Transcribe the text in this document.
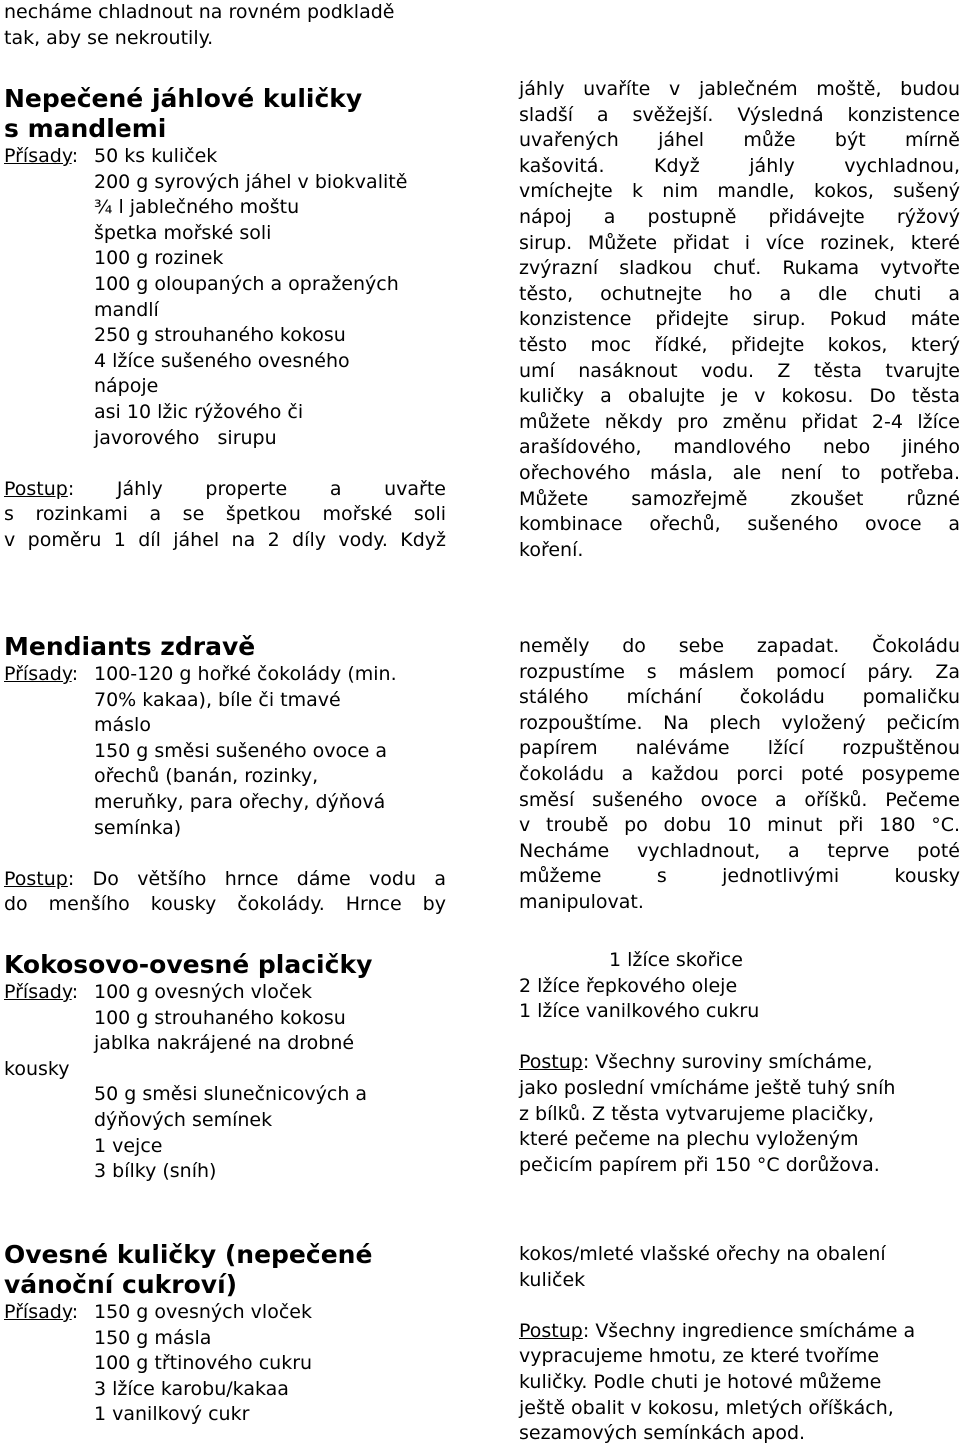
necháme chladnout na rovném podkladě
tak, aby se nekroutily.
Nepečené jáhlové kuličky
s mandlemi
Přísady: 50 ks kuliček
200 g syrových jáhel v biokvalitě
¾ l jablečného moštu
špetka mořské soli
100 g rozinek
100 g oloupaných a opražených
mandlí
250 g strouhaného kokosu
4 lžíce sušeného ovesného
nápoje
asi 10 lžic rýžového či
javorového   sirupu
Postup: Jáhly properte a uvařte
s rozinkami a se špetkou mořské soli
v poměru 1 díl jáhel na 2 díly vody. Když
jáhly uvaříte v jablečném moště, budou
sladší a svěžejší. Výsledná konzistence
uvařených jáhel může být mírně
kašovitá. Když jáhly vychladnou,
vmíchejte k nim mandle, kokos, sušený
nápoj a postupně přidávejte rýžový
sirup. Můžete přidat i více rozinek, které
zvýrazní sladkou chuť. Rukama vytvořte
těsto, ochutnejte ho a dle chuti a
konzistence přidejte sirup. Pokud máte
těsto moc řídké, přidejte kokos, který
umí nasáknout vodu. Z těsta tvarujte
kuličky a obalujte je v kokosu. Do těsta
můžete někdy pro změnu přidat 2-4 lžíce
arašídového, mandlového nebo jiného
ořechového másla, ale není to potřeba.
Můžete samozřejmě zkoušet různé
kombinace ořechů, sušeného ovoce a
koření.
Mendiants zdravě
Přísady: 100-120 g hořké čokolády (min.
70% kakaa), bíle či tmavé
máslo
150 g směsi sušeného ovoce a
ořechů (banán, rozinky,
meruňky, para ořechy, dýňová
semínka)
Postup: Do většího hrnce dáme vodu a
do menšího kousky čokolády. Hrnce by
neměly do sebe zapadat. Čokoládu
rozpustíme s máslem pomocí páry. Za
stálého míchání čokoládu pomaličku
rozpouštíme. Na plech vyložený pečicím
papírem naléváme lžící rozpuštěnou
čokoládu a každou porci poté posypeme
směsí sušeného ovoce a oříšků. Pečeme
v troubě po dobu 10 minut při 180 °C.
Necháme vychladnout, a teprve poté
můžeme s jednotlivými kousky
manipulovat.
Kokosovo-ovesné placičky
Přísady: 100 g ovesných vloček
100 g strouhaného kokosu
jablka nakrájené na drobné
kousky
50 g směsi slunečnicových a
dýňových semínek
1 vejce
3 bílky (sníh)
1 lžíce skořice
2 lžíce řepkového oleje
1 lžíce vanilkového cukru
Postup: Všechny suroviny smícháme,
jako poslední vmícháme ještě tuhý sníh
z bílků. Z těsta vytvarujeme placičky,
které pečeme na plechu vyloženým
pečicím papírem při 150 °C dorůžova.
Ovesné kuličky (nepečené
vánoční cukroví)
Přísady: 150 g ovesných vloček
150 g másla
100 g třtinového cukru
3 lžíce karobu/kakaa
1 vanilkový cukr
kokos/mleté vlašské ořechy na obalení
kuliček
Postup: Všechny ingredience smícháme a
vypracujeme hmotu, ze které tvoříme
kuličky. Podle chuti je hotové můžeme
ještě obalit v kokosu, mletých oříškách,
sezamových semínkách apod.
